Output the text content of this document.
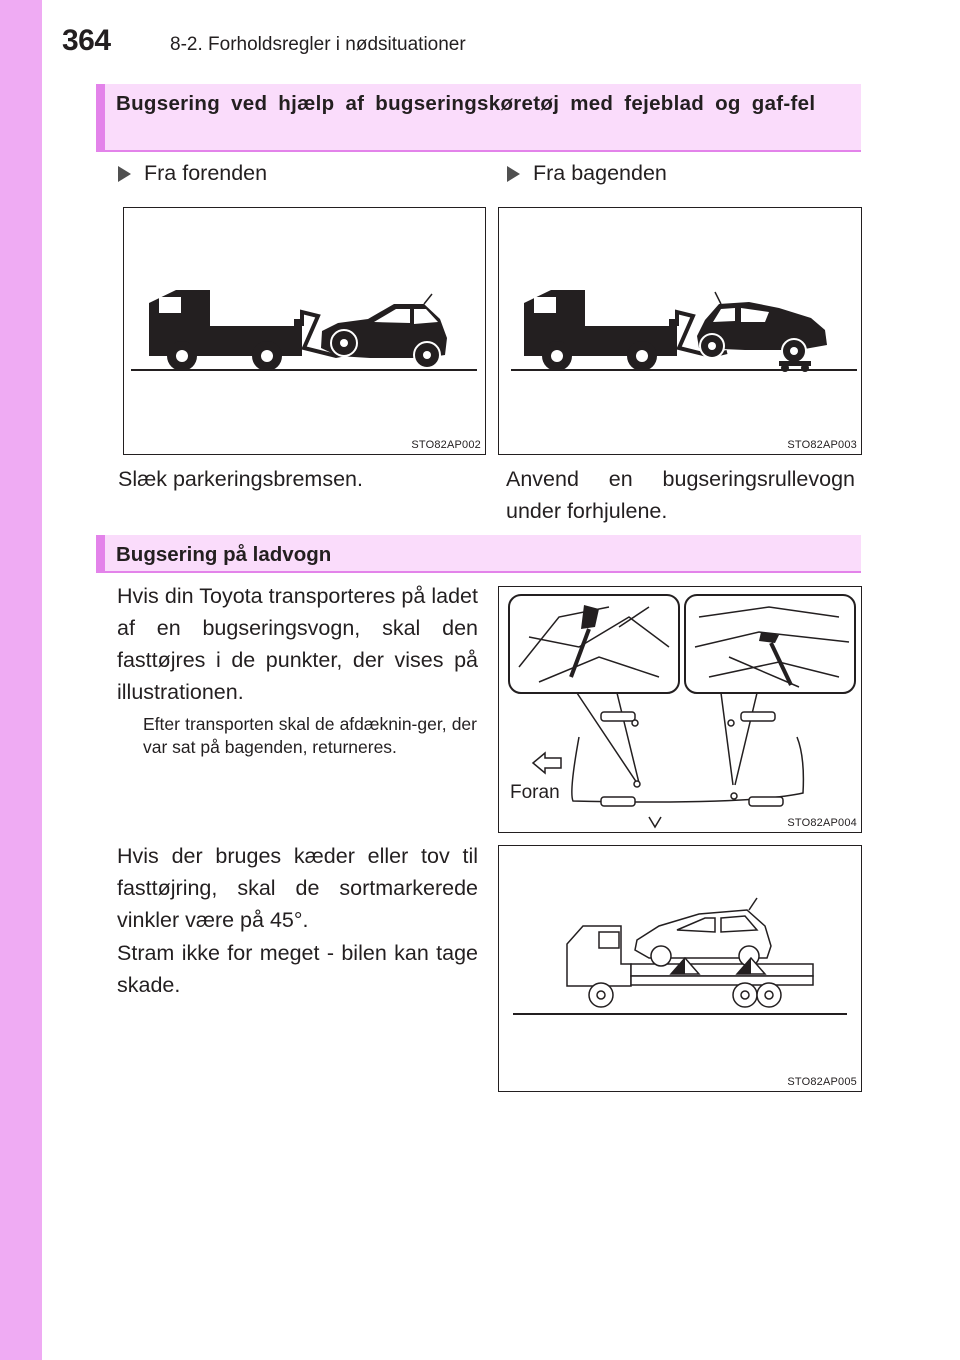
364	8-2. Forholdsregler i nødsituationer
Bugsering ved hjælp af bugseringskøretøj med fejeblad og gaf-fel
Fra forenden	Fra bagenden
STO82AP002	STO82AP003
Slæk parkeringsbremsen.	Anvend en bugseringsrullevogn under forhjulene.
Bugsering på ladvogn
Hvis din Toyota transporteres på ladet af en bugseringsvogn, skal den fasttøjres i de punkter, der vises på illustrationen.
Efter transporten skal de afdæknin-ger, der var sat på bagenden, returneres.
Foran
STO82AP004
Hvis der bruges kæder eller tov til fasttøjring, skal de sortmarkerede vinkler være på 45°.
Stram ikke for meget - bilen kan tage skade.
STO82AP005
